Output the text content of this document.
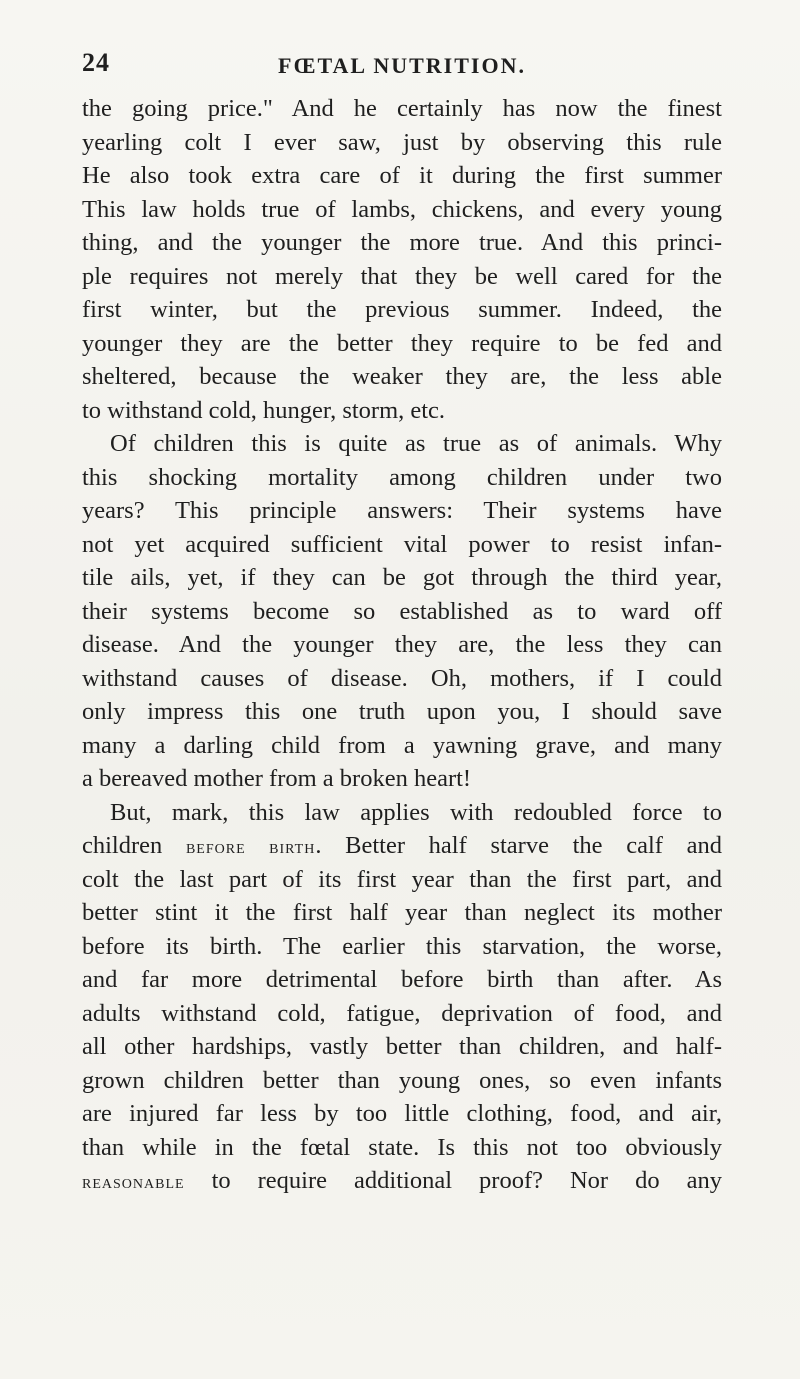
24	FŒTAL NUTRITION.
the going price." And he certainly has now the finest
yearling colt I ever saw, just by observing this rule
He also took extra care of it during the first summer
This law holds true of lambs, chickens, and every young
thing, and the younger the more true. And this princi-
ple requires not merely that they be well cared for the
first winter, but the previous summer. Indeed, the
younger they are the better they require to be fed and
sheltered, because the weaker they are, the less able
to withstand cold, hunger, storm, etc.
Of children this is quite as true as of animals. Why
this shocking mortality among children under two
years? This principle answers: Their systems have
not yet acquired sufficient vital power to resist infan-
tile ails, yet, if they can be got through the third year,
their systems become so established as to ward off
disease. And the younger they are, the less they can
withstand causes of disease. Oh, mothers, if I could
only impress this one truth upon you, I should save
many a darling child from a yawning grave, and many
a bereaved mother from a broken heart!
But, mark, this law applies with redoubled force to
children before birth. Better half starve the calf and
colt the last part of its first year than the first part, and
better stint it the first half year than neglect its mother
before its birth. The earlier this starvation, the worse,
and far more detrimental before birth than after. As
adults withstand cold, fatigue, deprivation of food, and
all other hardships, vastly better than children, and half-
grown children better than young ones, so even infants
are injured far less by too little clothing, food, and air,
than while in the fœtal state. Is this not too obviously
reasonable to require additional proof? Nor do any
